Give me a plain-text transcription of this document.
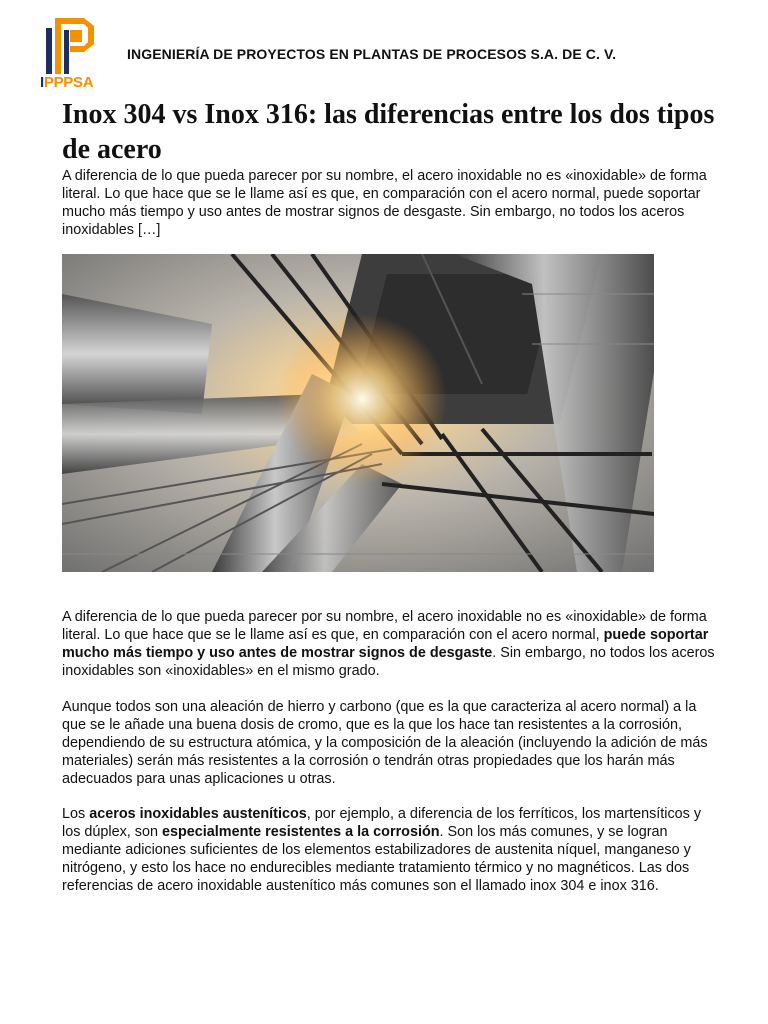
IPPPSA
INGENIERÍA DE PROYECTOS EN PLANTAS DE PROCESOS S.A. DE C. V.
Inox 304 vs Inox 316: las diferencias entre los dos tipos de acero

A diferencia de lo que pueda parecer por su nombre, el acero inoxidable no es «inoxidable» de forma literal. Lo que hace que se le llame así es que, en comparación con el acero normal, puede soportar mucho más tiempo y uso antes de mostrar signos de desgaste. Sin embargo, no todos los aceros inoxidables […]

A diferencia de lo que pueda parecer por su nombre, el acero inoxidable no es «inoxidable» de forma literal. Lo que hace que se le llame así es que, en comparación con el acero normal, puede soportar mucho más tiempo y uso antes de mostrar signos de desgaste. Sin embargo, no todos los aceros inoxidables son «inoxidables» en el mismo grado.

Aunque todos son una aleación de hierro y carbono (que es la que caracteriza al acero normal) a la que se le añade una buena dosis de cromo, que es la que los hace tan resistentes a la corrosión, dependiendo de su estructura atómica, y la composición de la aleación (incluyendo la adición de más materiales) serán más resistentes a la corrosión o tendrán otras propiedades que los harán más adecuados para unas aplicaciones u otras.

Los aceros inoxidables austeníticos, por ejemplo, a diferencia de los ferríticos, los martensíticos y los dúplex, son especialmente resistentes a la corrosión. Son los más comunes, y se logran mediante adiciones suficientes de los elementos estabilizadores de austenita níquel, manganeso y nitrógeno, y esto los hace no endurecibles mediante tratamiento térmico y no magnéticos. Las dos referencias de acero inoxidable austenítico más comunes son el llamado inox 304 e inox 316.
